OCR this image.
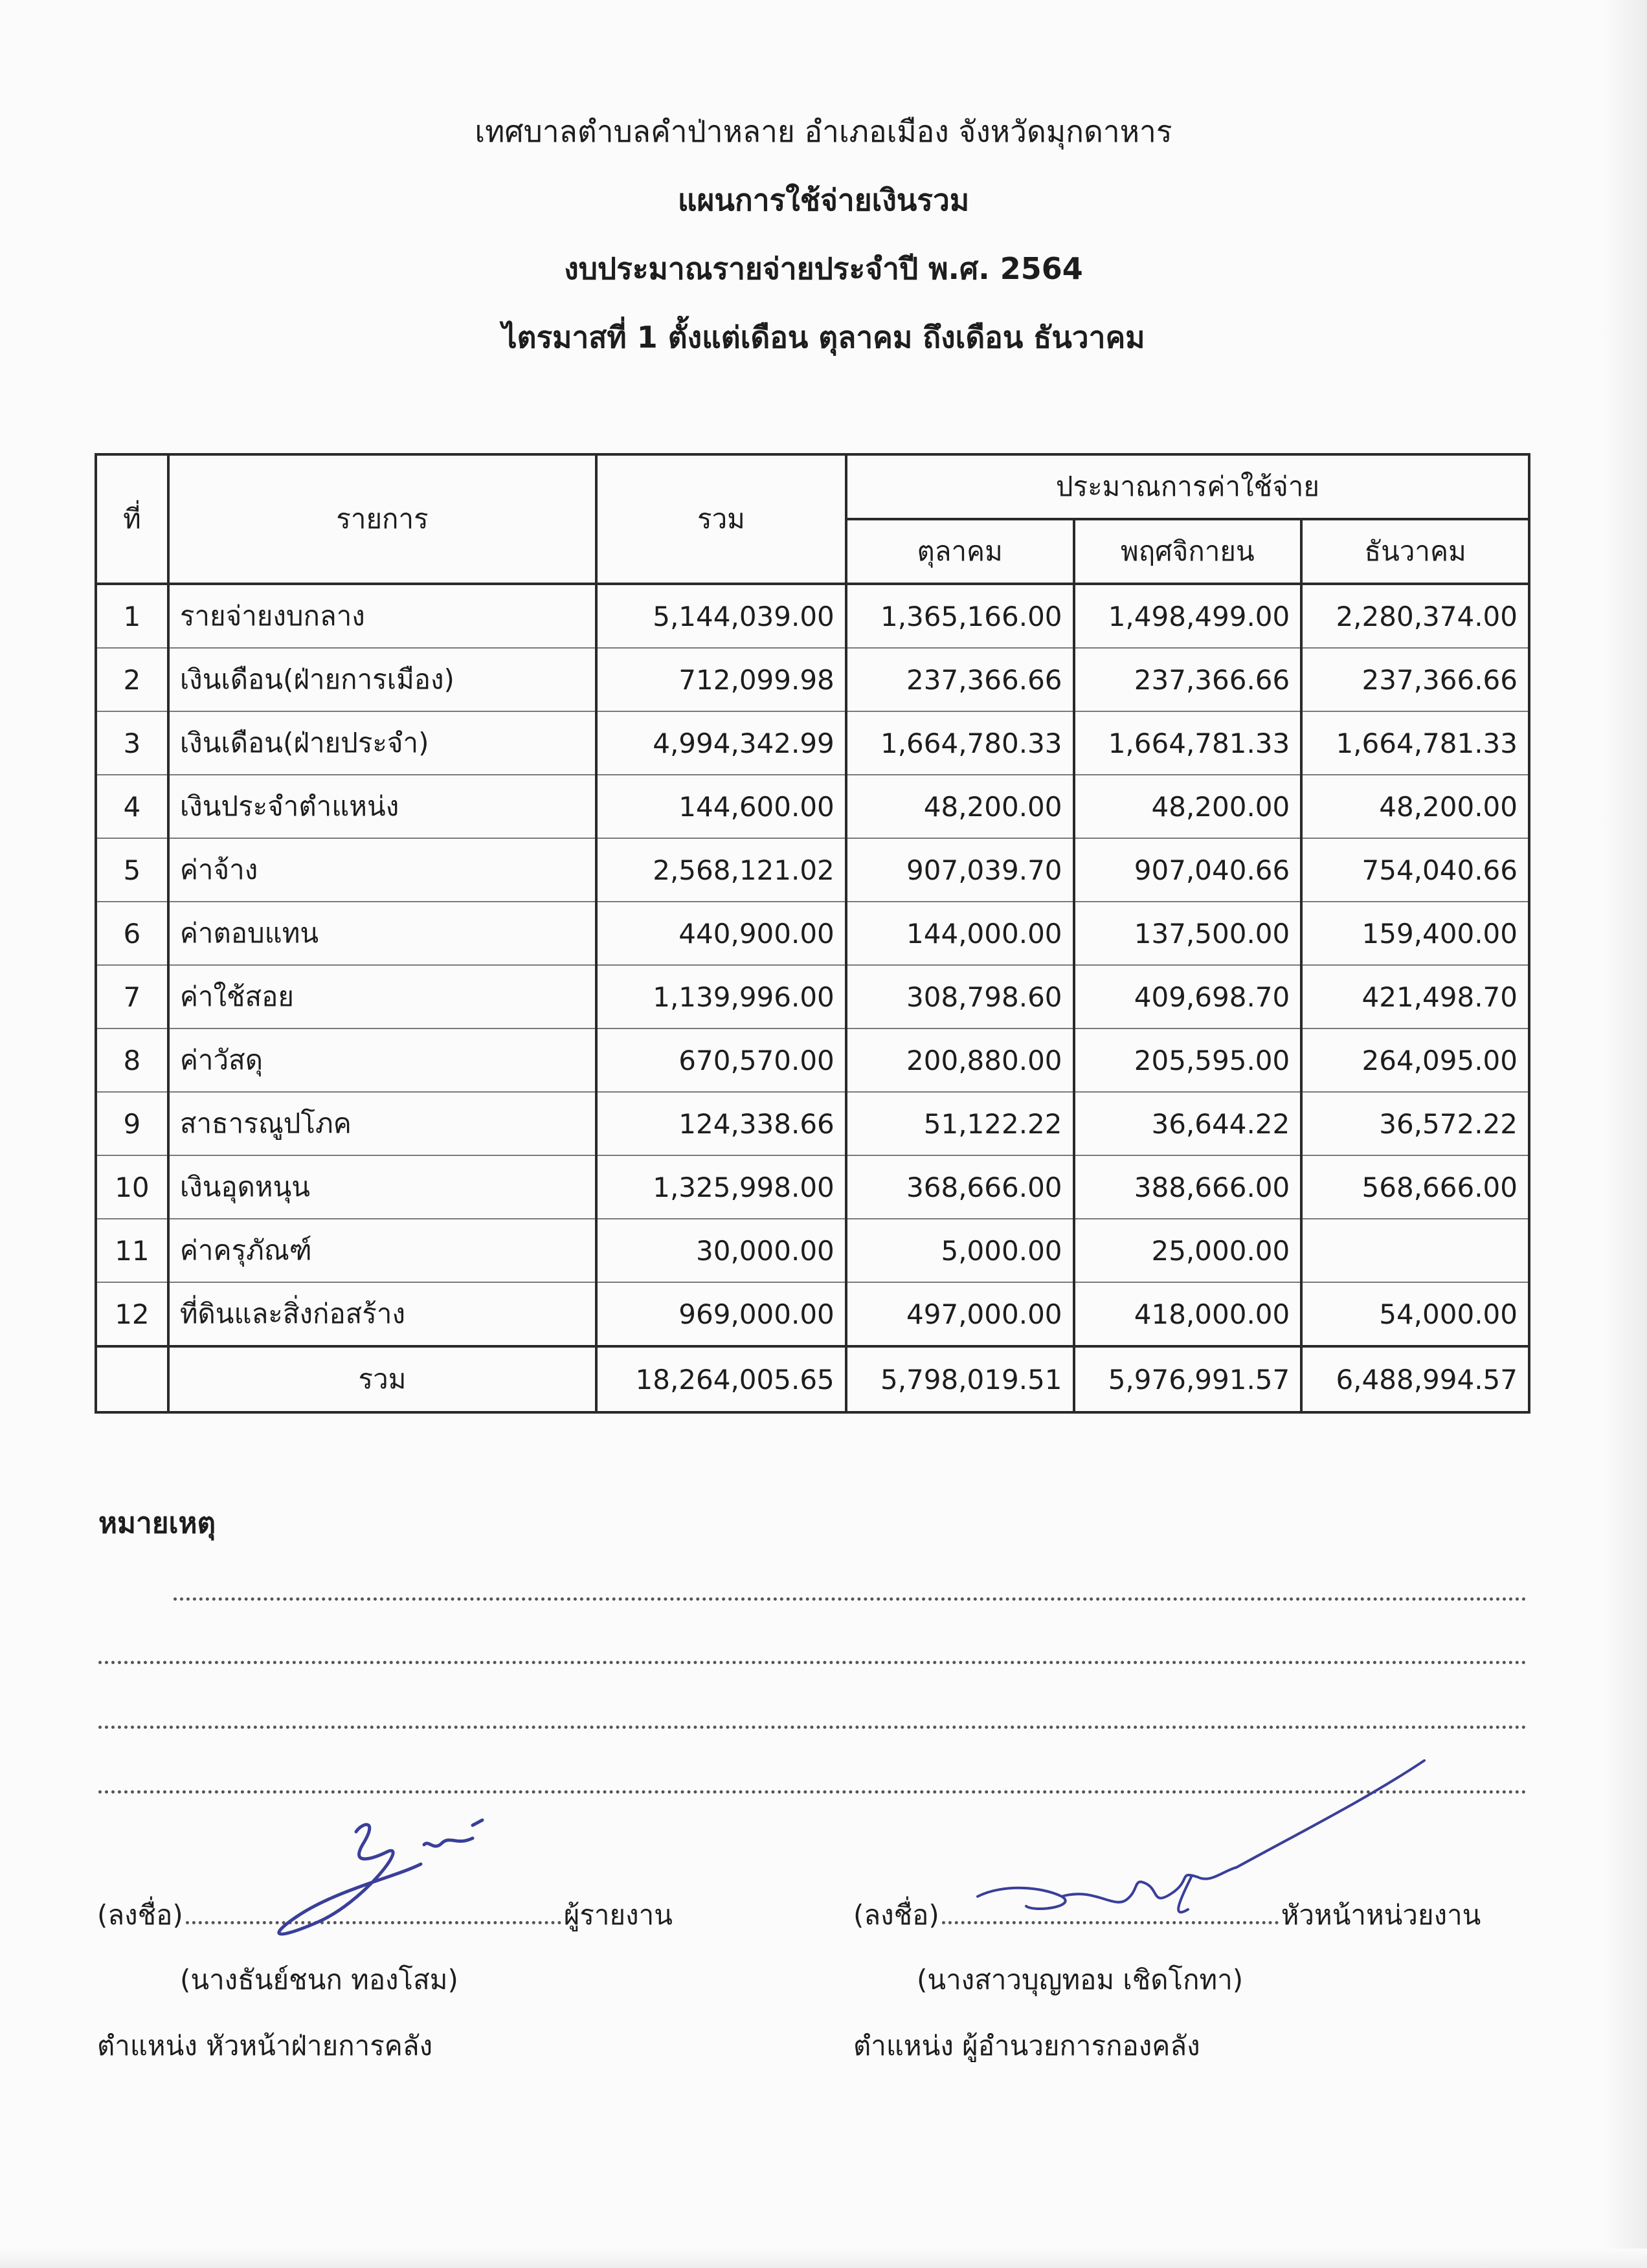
เทศบาลตำบลคำป่าหลาย อำเภอเมือง จังหวัดมุกดาหาร
แผนการใช้จ่ายเงินรวม
งบประมาณรายจ่ายประจำปี พ.ศ. 2564
ไตรมาสที่ 1 ตั้งแต่เดือน ตุลาคม ถึงเดือน ธันวาคม
ที่	รายการ	รวม	ประมาณการค่าใช้จ่าย		
			ตุลาคม	พฤศจิกายน	ธันวาคม
1	รายจ่ายงบกลาง	5,144,039.00	1,365,166.00	1,498,499.00	2,280,374.00
2	เงินเดือน(ฝ่ายการเมือง)	712,099.98	237,366.66	237,366.66	237,366.66
3	เงินเดือน(ฝ่ายประจำ)	4,994,342.99	1,664,780.33	1,664,781.33	1,664,781.33
4	เงินประจำตำแหน่ง	144,600.00	48,200.00	48,200.00	48,200.00
5	ค่าจ้าง	2,568,121.02	907,039.70	907,040.66	754,040.66
6	ค่าตอบแทน	440,900.00	144,000.00	137,500.00	159,400.00
7	ค่าใช้สอย	1,139,996.00	308,798.60	409,698.70	421,498.70
8	ค่าวัสดุ	670,570.00	200,880.00	205,595.00	264,095.00
9	สาธารณูปโภค	124,338.66	51,122.22	36,644.22	36,572.22
10	เงินอุดหนุน	1,325,998.00	368,666.00	388,666.00	568,666.00
11	ค่าครุภัณฑ์	30,000.00	5,000.00	25,000.00	
12	ที่ดินและสิ่งก่อสร้าง	969,000.00	497,000.00	418,000.00	54,000.00
	รวม	18,264,005.65	5,798,019.51	5,976,991.57	6,488,994.57
หมายเหตุ
(ลงชื่อ)	ผู้รายงาน
(นางธันย์ชนก ทองโสม)
ตำแหน่ง หัวหน้าฝ่ายการคลัง
(ลงชื่อ)	หัวหน้าหน่วยงาน
(นางสาวบุญทอม เชิดโกทา)
ตำแหน่ง ผู้อำนวยการกองคลัง
